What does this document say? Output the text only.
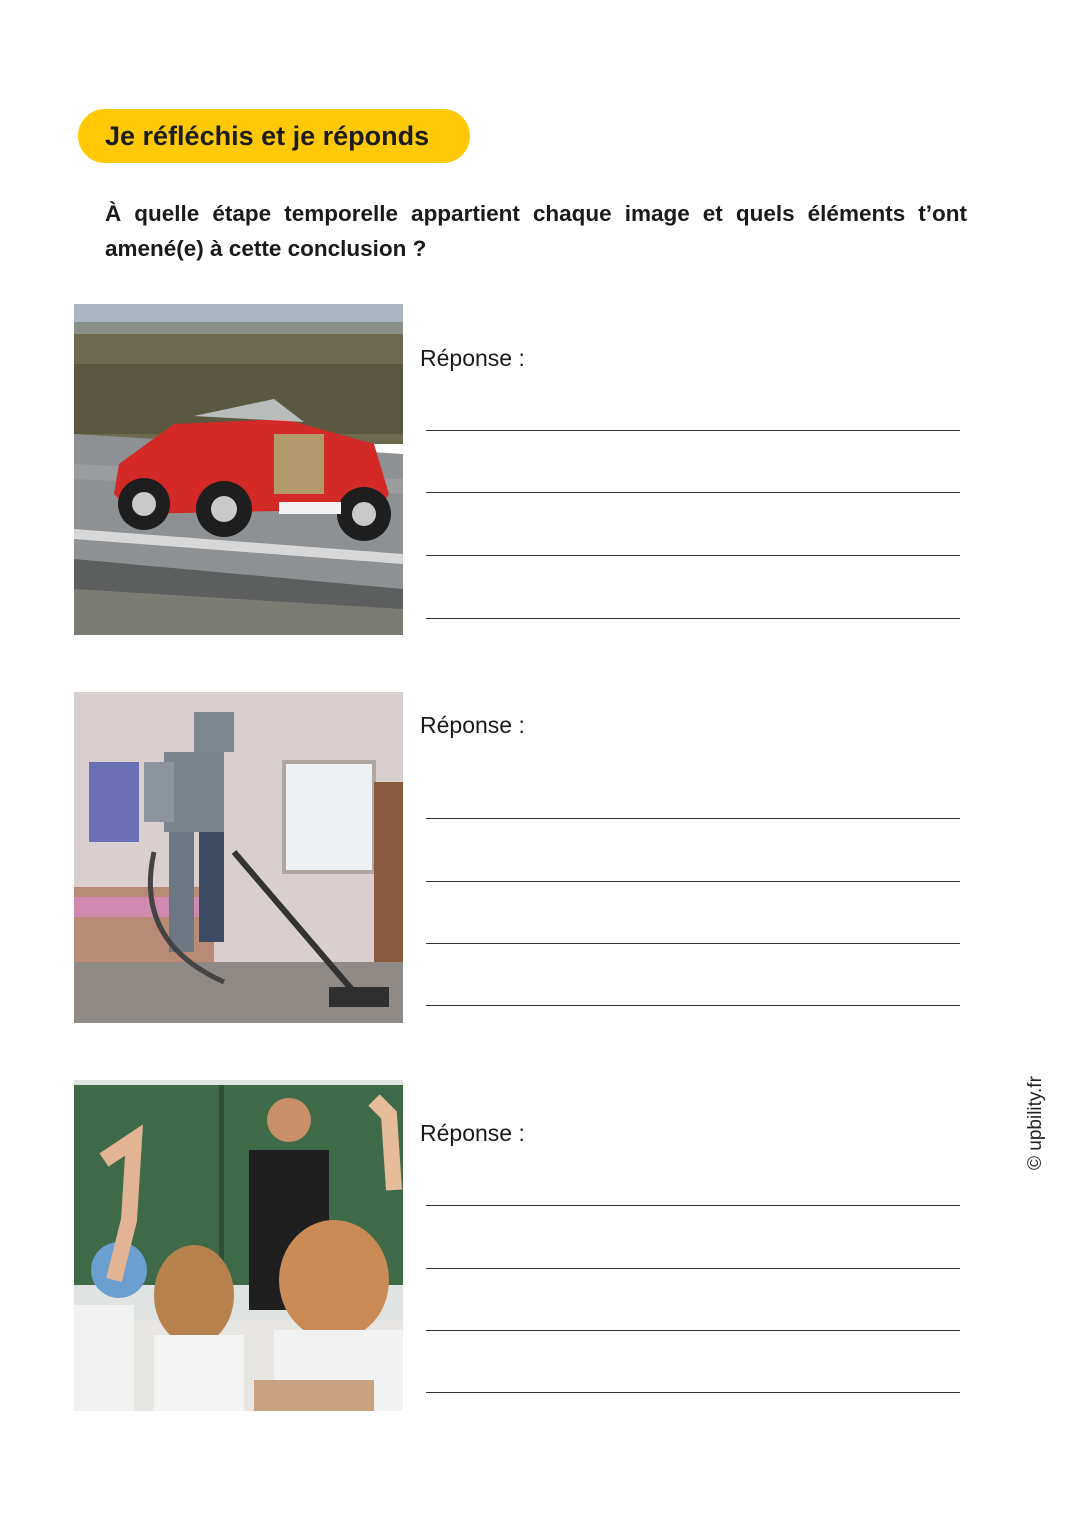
Je réfléchis et je réponds
À quelle étape temporelle appartient chaque image et quels éléments t’ont amené(e) à cette conclusion ?
Réponse :
Réponse :
Réponse :	© upbility.fr
